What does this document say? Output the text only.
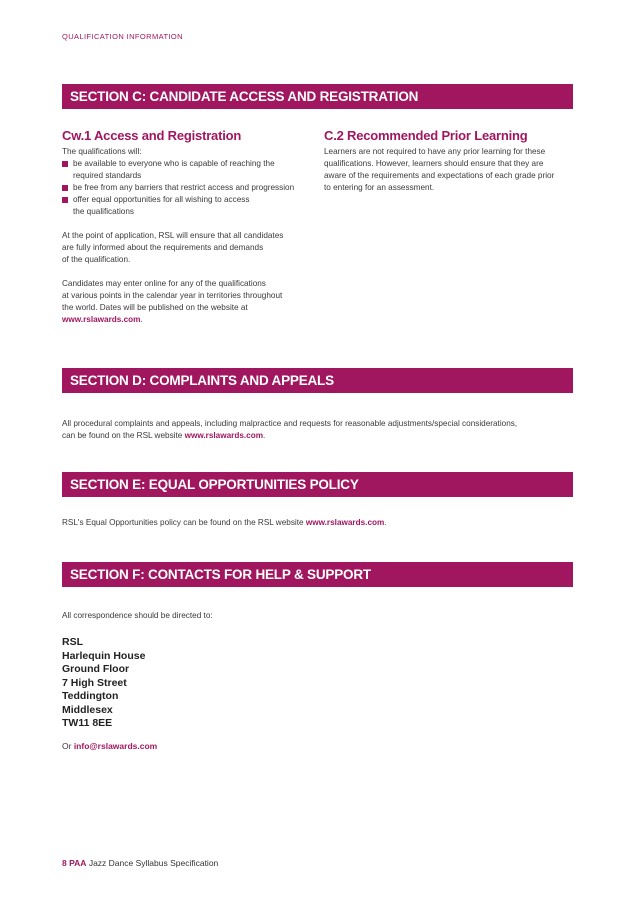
QUALIFICATION INFORMATION
SECTION C: CANDIDATE ACCESS AND REGISTRATION
Cw.1 Access and Registration

The qualifications will:

be available to everyone who is capable of reaching the
required standards
be free from any barriers that restrict access and progression
offer equal opportunities for all wishing to access
the qualifications

At the point of application, RSL will ensure that all candidates
are fully informed about the requirements and demands
of the qualification.

Candidates may enter online for any of the qualifications
at various points in the calendar year in territories throughout
the world. Dates will be published on the website at
www.rslawards.com.

C.2 Recommended Prior Learning

Learners are not required to have any prior learning for these
qualifications. However, learners should ensure that they are
aware of the requirements and expectations of each grade prior
to entering for an assessment.

SECTION D: COMPLAINTS AND APPEALS

All procedural complaints and appeals, including malpractice and requests for reasonable adjustments/special considerations,
can be found on the RSL website www.rslawards.com.

SECTION E: EQUAL OPPORTUNITIES POLICY

RSL's Equal Opportunities policy can be found on the RSL website www.rslawards.com.

SECTION F: CONTACTS FOR HELP & SUPPORT
All correspondence should be directed to:
RSL
Harlequin House
Ground Floor
7 High Street
Teddington
Middlesex
TW11 8EE
Or info@rslawards.com
8 PAA Jazz Dance Syllabus Specification
